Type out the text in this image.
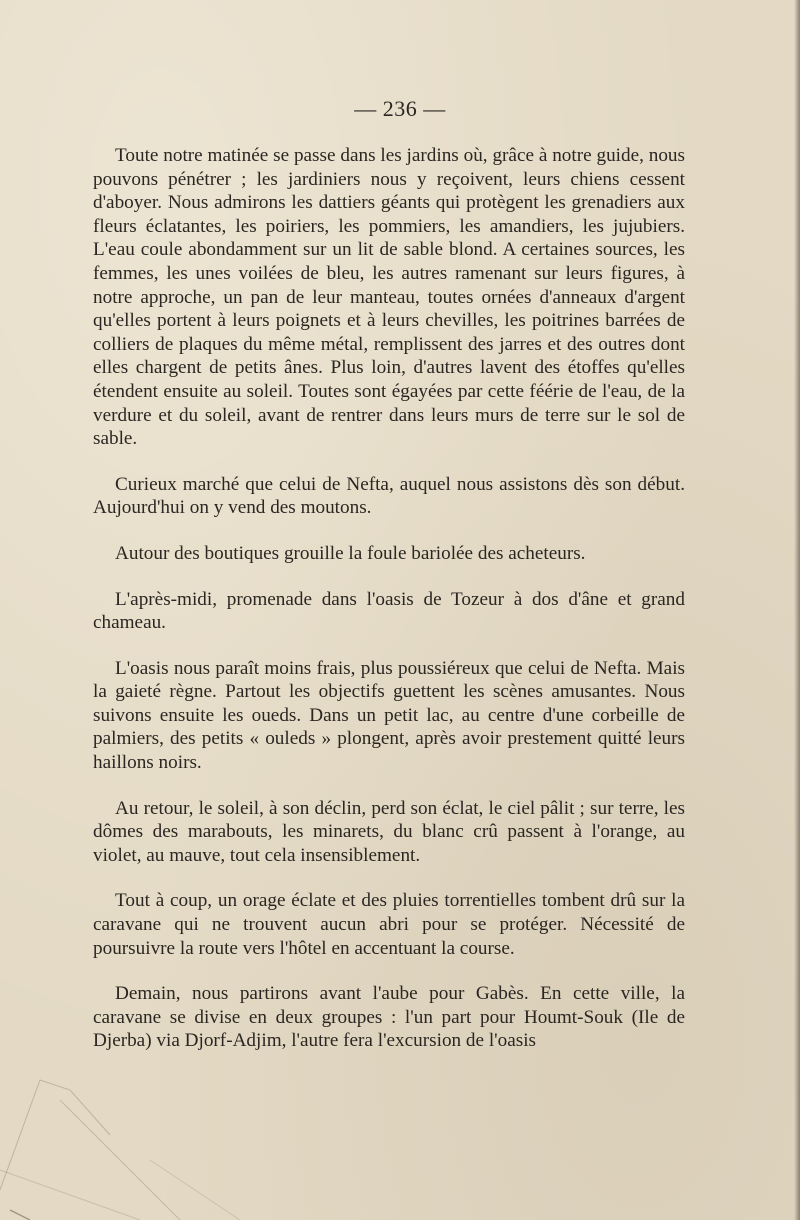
— 236 —

Toute notre matinée se passe dans les jardins où, grâce à notre guide, nous pouvons pénétrer ; les jardiniers nous y reçoivent, leurs chiens cessent d'aboyer. Nous admirons les dattiers géants qui protègent les grenadiers aux fleurs éclatantes, les poiriers, les pommiers, les amandiers, les jujubiers. L'eau coule abondamment sur un lit de sable blond. A certaines sources, les femmes, les unes voilées de bleu, les autres ramenant sur leurs figures, à notre approche, un pan de leur manteau, toutes ornées d'anneaux d'argent qu'elles portent à leurs poignets et à leurs chevilles, les poitrines barrées de colliers de plaques du même métal, remplissent des jarres et des outres dont elles chargent de petits ânes. Plus loin, d'autres lavent des étoffes qu'elles étendent ensuite au soleil. Toutes sont égayées par cette féérie de l'eau, de la verdure et du soleil, avant de rentrer dans leurs murs de terre sur le sol de sable.

Curieux marché que celui de Nefta, auquel nous assistons dès son début. Aujourd'hui on y vend des moutons.

Autour des boutiques grouille la foule bariolée des acheteurs.

L'après-midi, promenade dans l'oasis de Tozeur à dos d'âne et grand chameau.

L'oasis nous paraît moins frais, plus poussiéreux que celui de Nefta. Mais la gaieté règne. Partout les objectifs guettent les scènes amusantes. Nous suivons ensuite les oueds. Dans un petit lac, au centre d'une corbeille de palmiers, des petits « ouleds » plongent, après avoir prestement quitté leurs haillons noirs.

Au retour, le soleil, à son déclin, perd son éclat, le ciel pâlit ; sur terre, les dômes des marabouts, les minarets, du blanc crû passent à l'orange, au violet, au mauve, tout cela insensiblement.

Tout à coup, un orage éclate et des pluies torrentielles tombent drû sur la caravane qui ne trouvent aucun abri pour se protéger. Nécessité de poursuivre la route vers l'hôtel en accentuant la course.

Demain, nous partirons avant l'aube pour Gabès. En cette ville, la caravane se divise en deux groupes : l'un part pour Houmt-Souk (Ile de Djerba) via Djorf-Adjim, l'autre fera l'excursion de l'oasis
